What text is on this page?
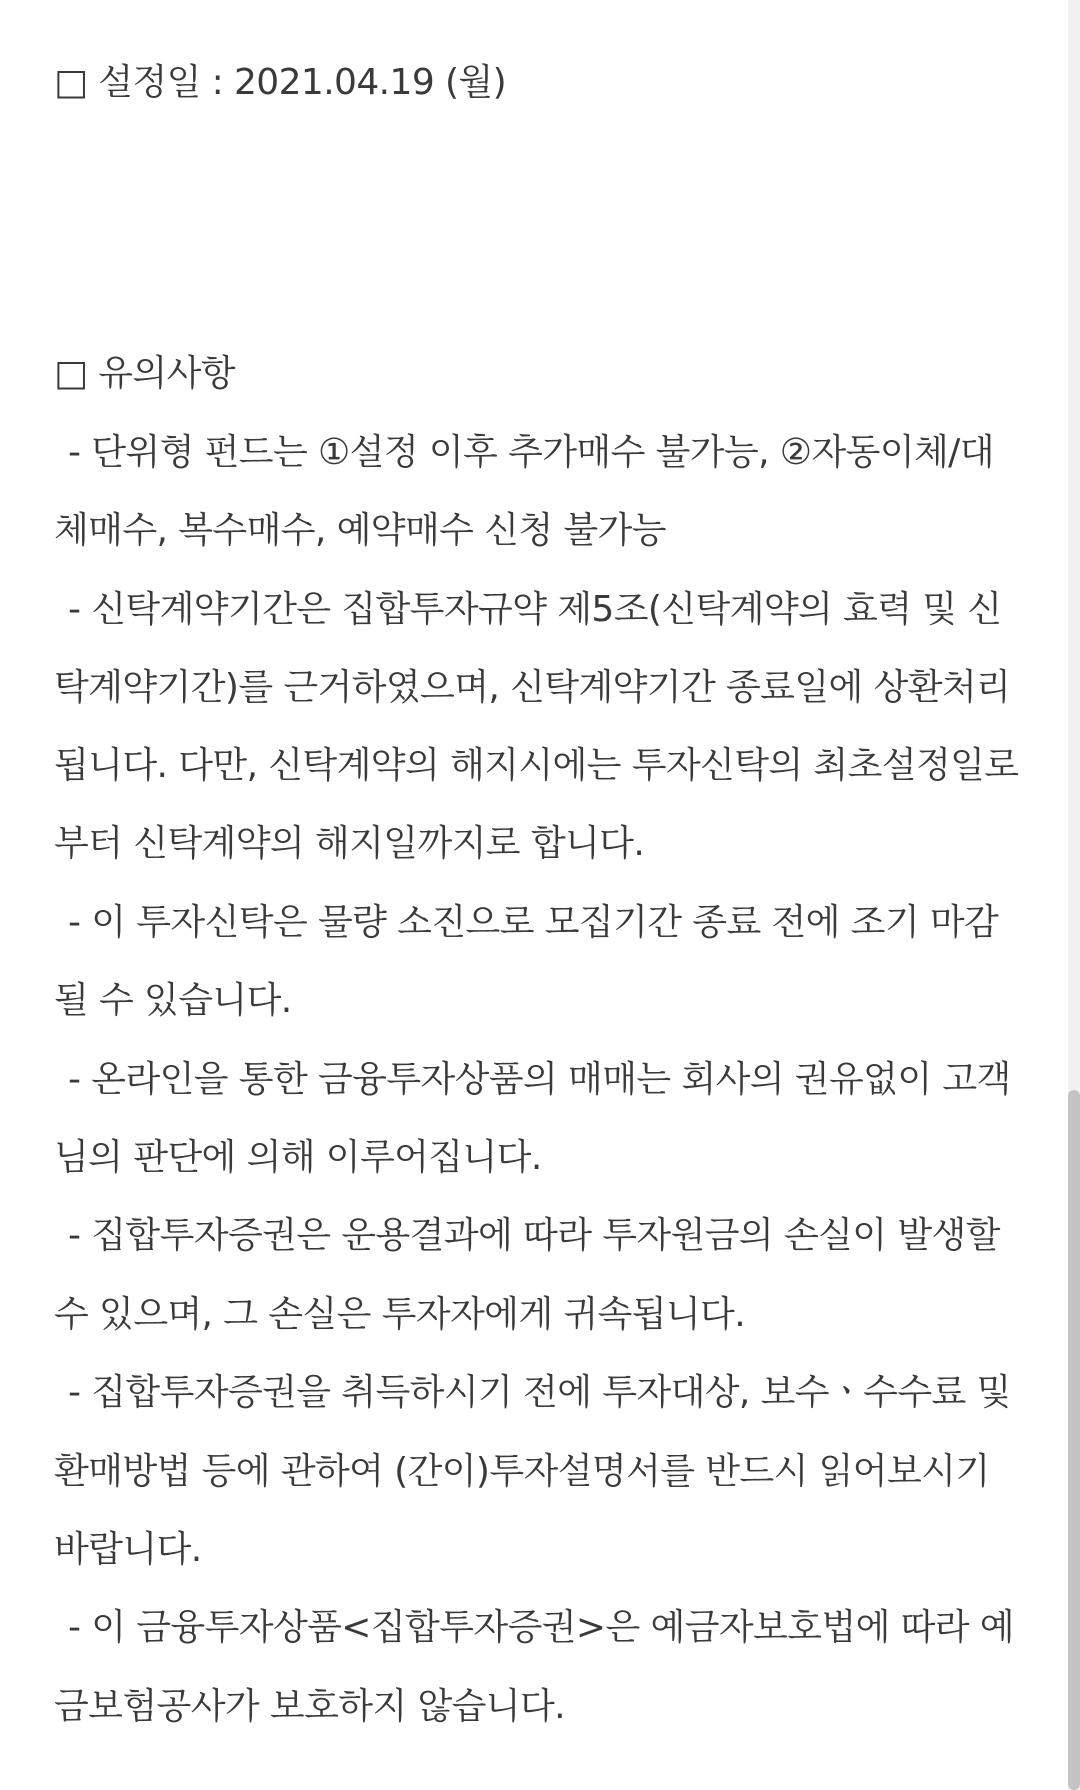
□ 설정일 : 2021.04.19 (월)
□ 유의사항
- 단위형 펀드는 ①설정 이후 추가매수 불가능, ②자동이체/대
체매수, 복수매수, 예약매수 신청 불가능
- 신탁계약기간은 집합투자규약 제5조(신탁계약의 효력 및 신
탁계약기간)를 근거하였으며, 신탁계약기간 종료일에 상환처리
됩니다. 다만, 신탁계약의 해지시에는 투자신탁의 최초설정일로
부터 신탁계약의 해지일까지로 합니다.
- 이 투자신탁은 물량 소진으로 모집기간 종료 전에 조기 마감
될 수 있습니다.
- 온라인을 통한 금융투자상품의 매매는 회사의 권유없이 고객
님의 판단에 의해 이루어집니다.
- 집합투자증권은 운용결과에 따라 투자원금의 손실이 발생할
수 있으며, 그 손실은 투자자에게 귀속됩니다.
- 집합투자증권을 취득하시기 전에 투자대상, 보수ㆍ수수료 및
환매방법 등에 관하여 (간이)투자설명서를 반드시 읽어보시기
바랍니다.
- 이 금융투자상품<집합투자증권>은 예금자보호법에 따라 예
금보험공사가 보호하지 않습니다.
